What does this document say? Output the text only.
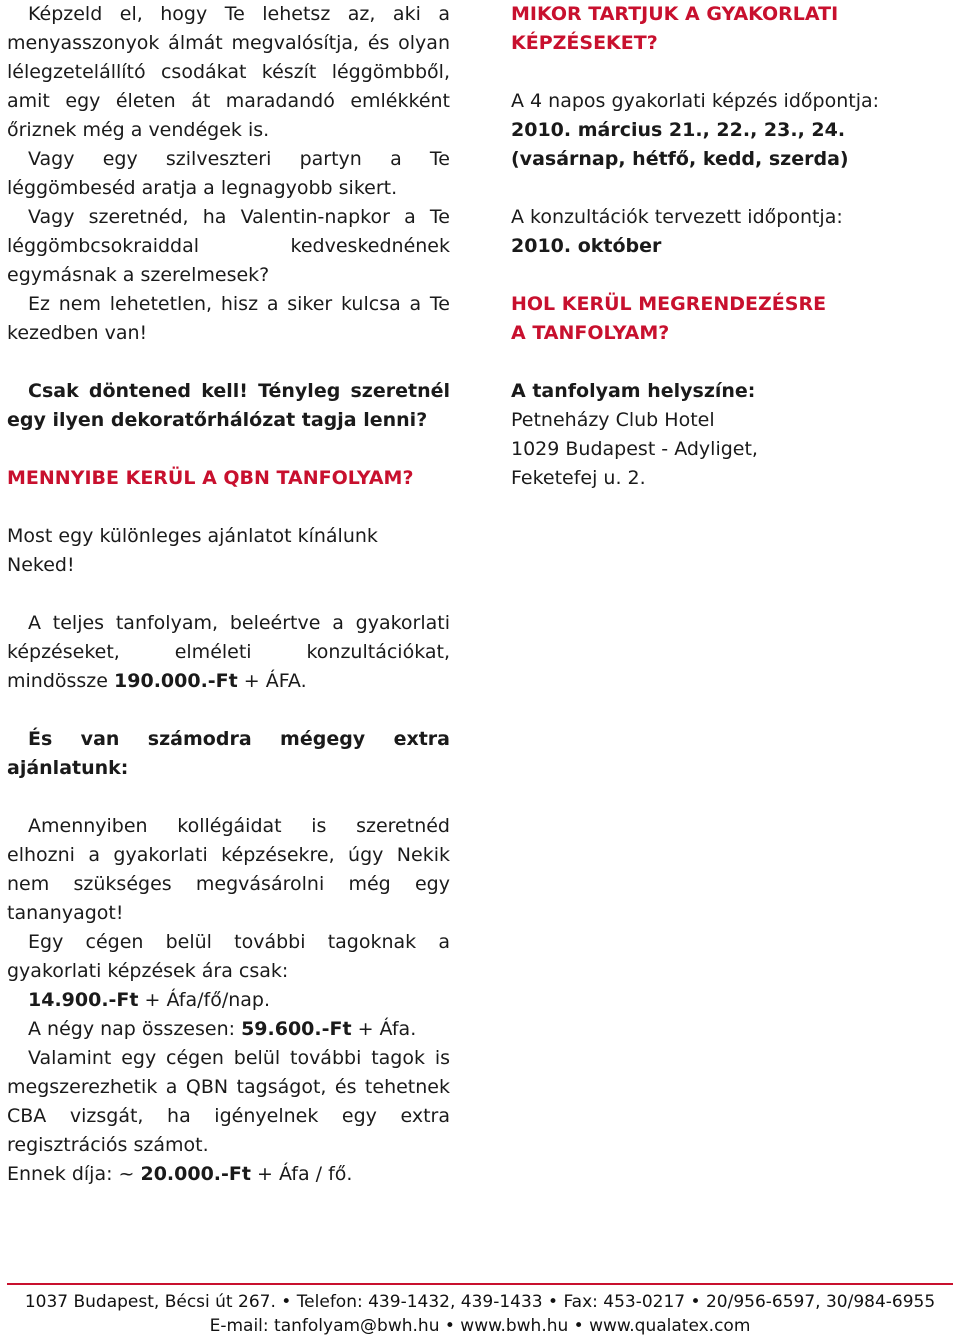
Képzeld el, hogy Te lehetsz az, aki a menyasszonyok álmát megvalósítja, és olyan lélegzetelállító csodákat készít léggömbből, amit egy életen át maradandó emlékként őriznek még a vendégek is.

Vagy egy szilveszteri partyn a Te léggömbeséd aratja a legnagyobb sikert.

Vagy szeretnéd, ha Valentin-napkor a Te léggömbcsokraiddal kedveskednének egymásnak a szerelmesek?

Ez nem lehetetlen, hisz a siker kulcsa a Te kezedben van!

Csak döntened kell! Tényleg szeretnél egy ilyen dekoratőrhálózat tagja lenni?

MENNYIBE KERÜL A QBN TANFOLYAM?

Most egy különleges ajánlatot kínálunk Neked!

A teljes tanfolyam, beleértve a gyakorlati képzéseket, elméleti konzultációkat, mindössze 190.000.-Ft + ÁFA.

És van számodra mégegy extra ajánlatunk:

Amennyiben kollégáidat is szeretnéd elhozni a gyakorlati képzésekre, úgy Nekik nem szükséges megvásárolni még egy tananyagot!

Egy cégen belül további tagoknak a gyakorlati képzések ára csak:

14.900.-Ft + Áfa/fő/nap.

A négy nap összesen: 59.600.-Ft + Áfa.

Valamint egy cégen belül további tagok is megszerezhetik a QBN tagságot, és tehetnek CBA vizsgát, ha igényelnek egy extra regisztrációs számot.

Ennek díja: ~ 20.000.-Ft + Áfa / fő.

MIKOR TARTJUK A GYAKORLATI KÉPZÉSEKET?

A 4 napos gyakorlati képzés időpontja:

2010. március 21., 22., 23., 24.

(vasárnap, hétfő, kedd, szerda)

A konzultációk tervezett időpontja:

2010. október

HOL KERÜL MEGRENDEZÉSRE
A TANFOLYAM?

A tanfolyam helyszíne:

Petneházy Club Hotel

1029 Budapest - Adyliget,

Feketefej u. 2.

1037 Budapest, Bécsi út 267. • Telefon: 439-1432, 439-1433 • Fax: 453-0217 • 20/956-6597, 30/984-6955
E-mail: tanfolyam@bwh.hu • www.bwh.hu • www.qualatex.com
